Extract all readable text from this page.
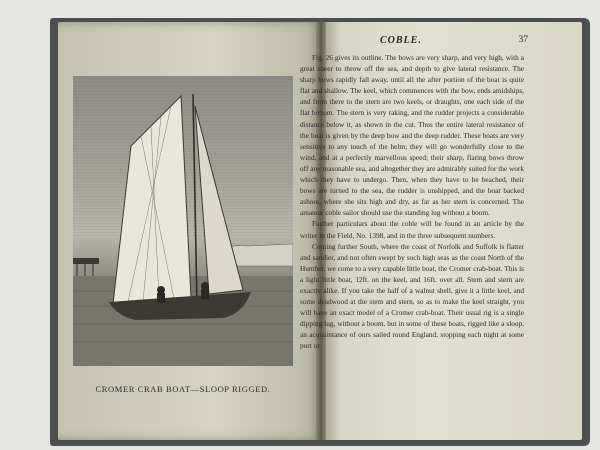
CROMER CRAB BOAT—SLOOP RIGGED.
COBLE.	37

Fig. 26 gives its outline. The bows are very sharp, and very high, with a great sheer to throw off the sea, and depth to give lateral resistance. The sharp bows rapidly fall away, until all the after portion of the boat is quite flat and shallow. The keel, which commences with the bow, ends amidships, and from there to the stern are two keels, or draughts, one each side of the flat bottom. The stern is very raking, and the rudder projects a considerable distance below it, as shown in the cut. Thus the entire lateral resistance of the boat is given by the deep bow and the deep rudder. These boats are very sensitive to any touch of the helm; they will go wonderfully close to the wind, and at a perfectly marvellous speed; their sharp, flaring bows throw off any reasonable sea, and altogether they are admirably suited for the work which they have to undergo. Then, when they have to be beached, their bows are turned to the sea, the rudder is unshipped, and the boat backed ashore, where she sits high and dry, as far as her stern is concerned. The amateur coble sailor should use the standing lug without a boom.

Further particulars about the coble will be found in an article by the writer in the Field, No. 1398, and in the three subsequent numbers.

Coming further South, where the coast of Norfolk and Suffolk is flatter and sandier, and not often swept by such high seas as the coast North of the Humber, we come to a very capable little boat, the Cromer crab-boat. This is a light little boat, 12ft. on the keel, and 16ft. over all. Stem and stern are exactly alike. If you take the half of a walnut shell, give it a little keel, and some deadwood at the stem and stern, so as to make the keel straight, you will have an exact model of a Cromer crab-boat. Their usual rig is a single dipping lug, without a boom, but in some of these boats, rigged like a sloop, an acquaintance of ours sailed round England, stopping each night at some port or
